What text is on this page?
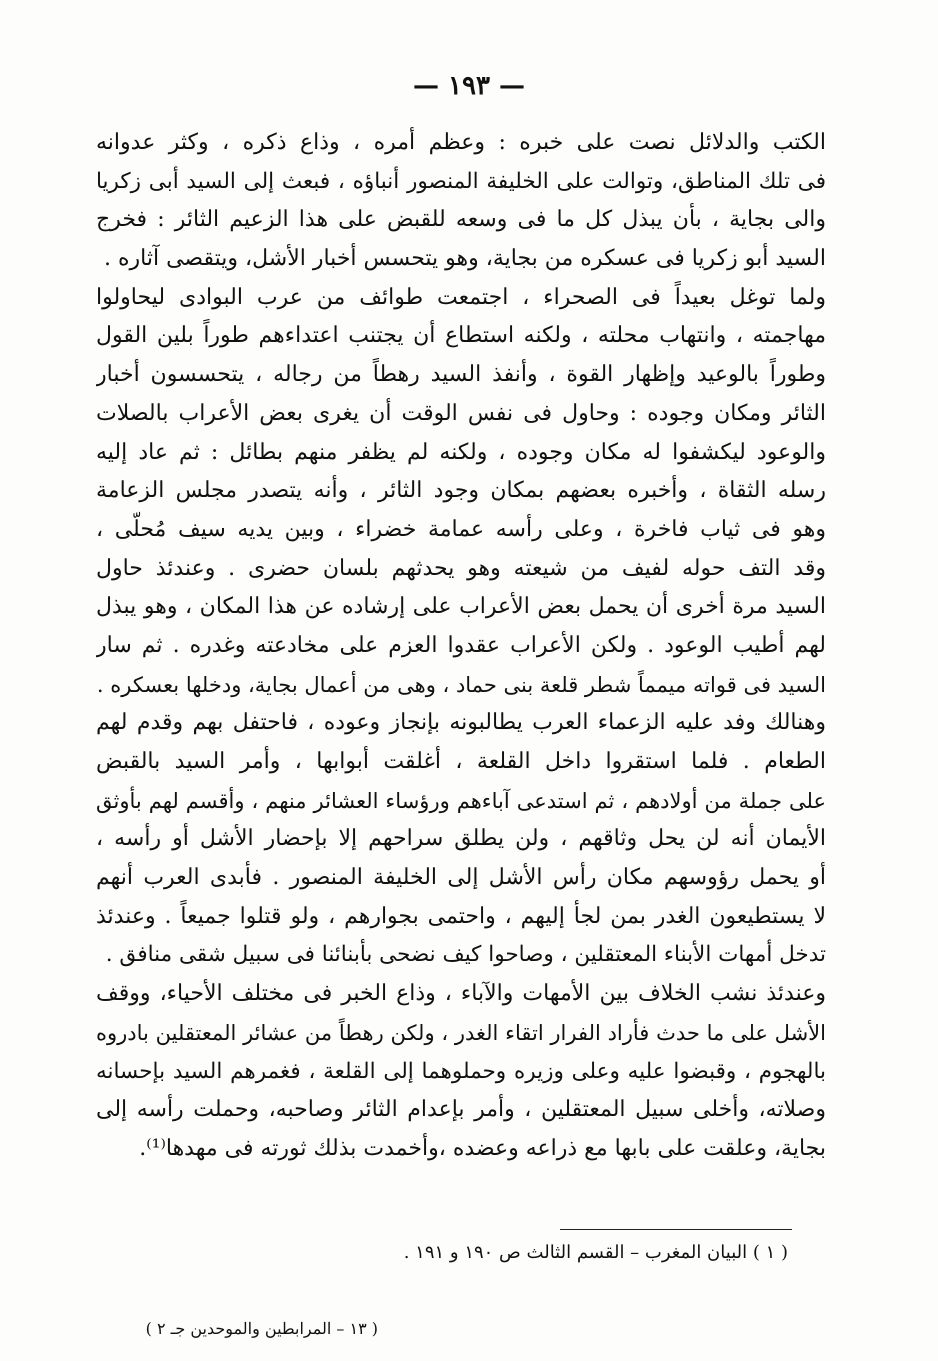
— ١٩٣ —
الكتب والدلائل نصت على خبره : وعظم أمره ، وذاع ذكره ، وكثر عدوانه
فى تلك المناطق، وتوالت على الخليفة المنصور أنباؤه ، فبعث إلى السيد أبى زكريا
والى بجاية ، بأن يبذل كل ما فى وسعه للقبض على هذا الزعيم الثائر : فخرج
السيد أبو زكريا فى عسكره من بجاية، وهو يتحسس أخبار الأشل، ويتقصى آثاره .
ولما توغل بعيداً فى الصحراء ، اجتمعت طوائف من عرب البوادى ليحاولوا
مهاجمته ، وانتهاب محلته ، ولكنه استطاع أن يجتنب اعتداءهم طوراً بلين القول
وطوراً بالوعيد وإظهار القوة ، وأنفذ السيد رهطاً من رجاله ، يتحسسون أخبار
الثائر ومكان وجوده : وحاول فى نفس الوقت أن يغرى بعض الأعراب بالصلات
والوعود ليكشفوا له مكان وجوده ، ولكنه لم يظفر منهم بطائل : ثم عاد إليه
رسله الثقاة ، وأخبره بعضهم بمكان وجود الثائر ، وأنه يتصدر مجلس الزعامة
وهو فى ثياب فاخرة ، وعلى رأسه عمامة خضراء ، وبين يديه سيف مُحلّى ،
وقد التف حوله لفيف من شيعته وهو يحدثهم بلسان حضرى . وعندئذ حاول
السيد مرة أخرى أن يحمل بعض الأعراب على إرشاده عن هذا المكان ، وهو يبذل
لهم أطيب الوعود . ولكن الأعراب عقدوا العزم على مخادعته وغدره . ثم سار
السيد فى قواته ميمماً شطر قلعة بنى حماد ، وهى من أعمال بجاية، ودخلها بعسكره .
وهنالك وفد عليه الزعماء العرب يطالبونه بإنجاز وعوده ، فاحتفل بهم وقدم لهم
الطعام . فلما استقروا داخل القلعة ، أغلقت أبوابها ، وأمر السيد بالقبض
على جملة من أولادهم ، ثم استدعى آباءهم ورؤساء العشائر منهم ، وأقسم لهم بأوثق
الأيمان أنه لن يحل وثاقهم ، ولن يطلق سراحهم إلا بإحضار الأشل أو رأسه ،
أو يحمل رؤوسهم مكان رأس الأشل إلى الخليفة المنصور . فأبدى العرب أنهم
لا يستطيعون الغدر بمن لجأ إليهم ، واحتمى بجوارهم ، ولو قتلوا جميعاً . وعندئذ
تدخل أمهات الأبناء المعتقلين ، وصاحوا كيف نضحى بأبنائنا فى سبيل شقى منافق .
وعندئذ نشب الخلاف بين الأمهات والآباء ، وذاع الخبر فى مختلف الأحياء، ووقف
الأشل على ما حدث فأراد الفرار اتقاء الغدر ، ولكن رهطاً من عشائر المعتقلين بادروه
بالهجوم ، وقبضوا عليه وعلى وزيره وحملوهما إلى القلعة ، فغمرهم السيد بإحسانه
وصلاته، وأخلى سبيل المعتقلين ، وأمر بإعدام الثائر وصاحبه، وحملت رأسه إلى
بجاية، وعلقت على بابها مع ذراعه وعضده ،وأخمدت بذلك ثورته فى مهدها⁽¹⁾.
( ١ ) البيان المغرب – القسم الثالث ص ١٩٠ و ١٩١ .
( ١٣ – المرابطين والموحدين جـ ٢ )
